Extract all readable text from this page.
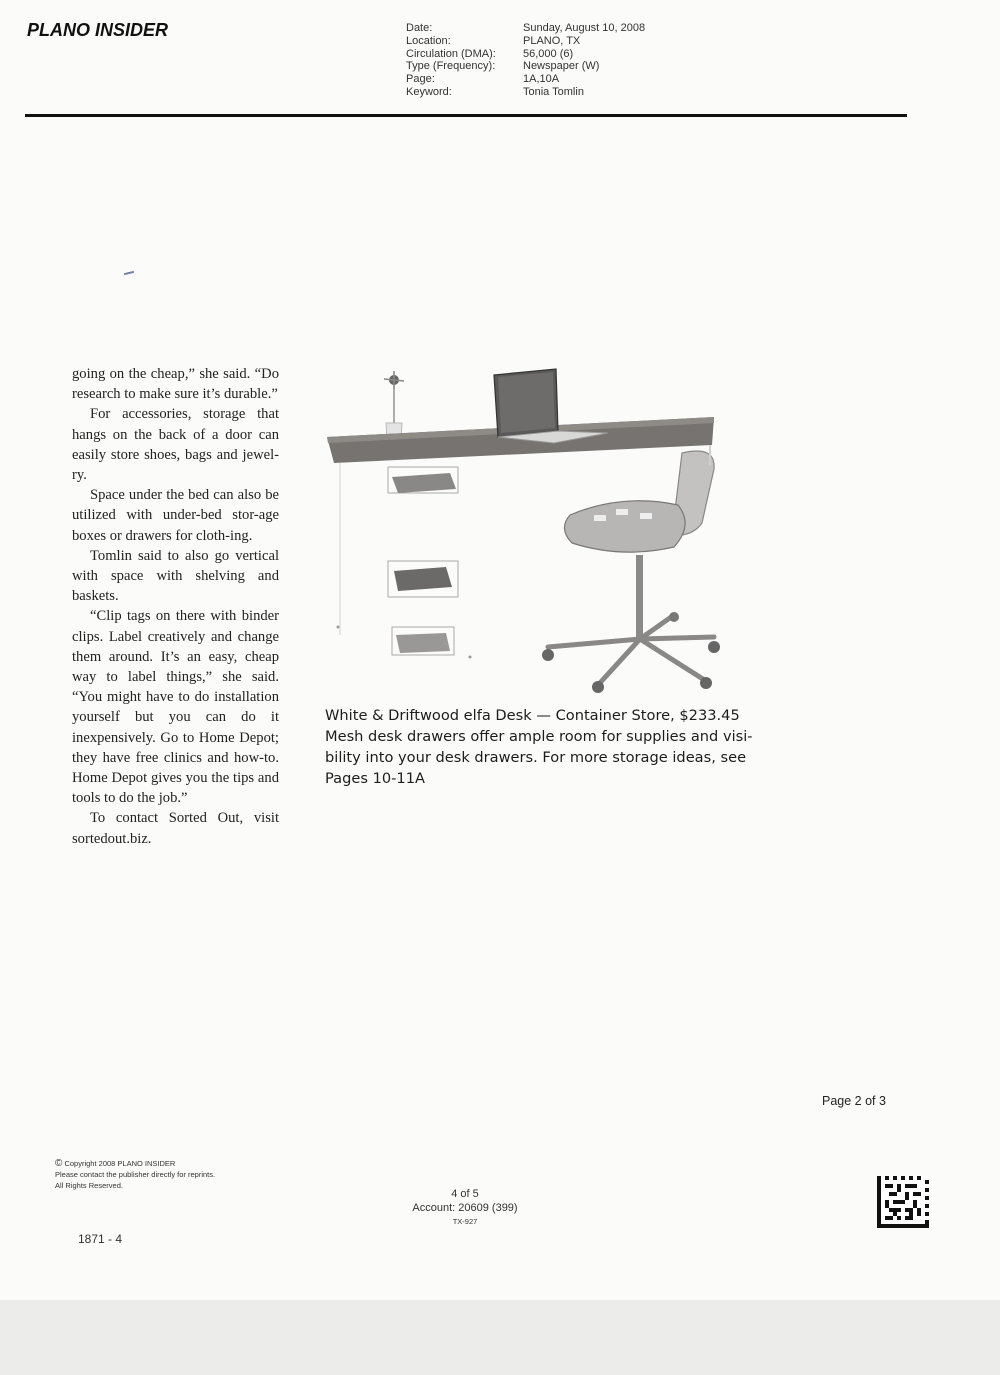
PLANO INSIDER	Date:
Location:
Circulation (DMA):
Type (Frequency):
Page:
Keyword:
Sunday, August 10, 2008
PLANO, TX
56,000 (6)
Newspaper (W)
1A,10A
Tonia Tomlin

going on the cheap,” she said. “Do research to make sure it’s durable.”

For accessories, storage that hangs on the back of a door can easily store shoes, bags and jewel-ry.

Space under the bed can also be utilized with under-bed stor-age boxes or drawers for cloth-ing.

Tomlin said to also go vertical with space with shelving and baskets.

“Clip tags on there with binder clips. Label creatively and change them around. It’s an easy, cheap way to label things,” she said. “You might have to do installation yourself but you can do it inexpensively. Go to Home Depot; they have free clinics and how-to. Home Depot gives you the tips and tools to do the job.”

To contact Sorted Out, visit sortedout.biz.

White & Driftwood elfa Desk — Container Store, $233.45
Mesh desk drawers offer ample room for supplies and visi-
bility into your desk drawers. For more storage ideas, see
Pages 10-11A
Page 2 of 3
© Copyright 2008 PLANO INSIDER
Please contact the publisher directly for reprints.
All Rights Reserved.
4 of 5
Account: 20609 (399)
TX-927
1871 - 4
